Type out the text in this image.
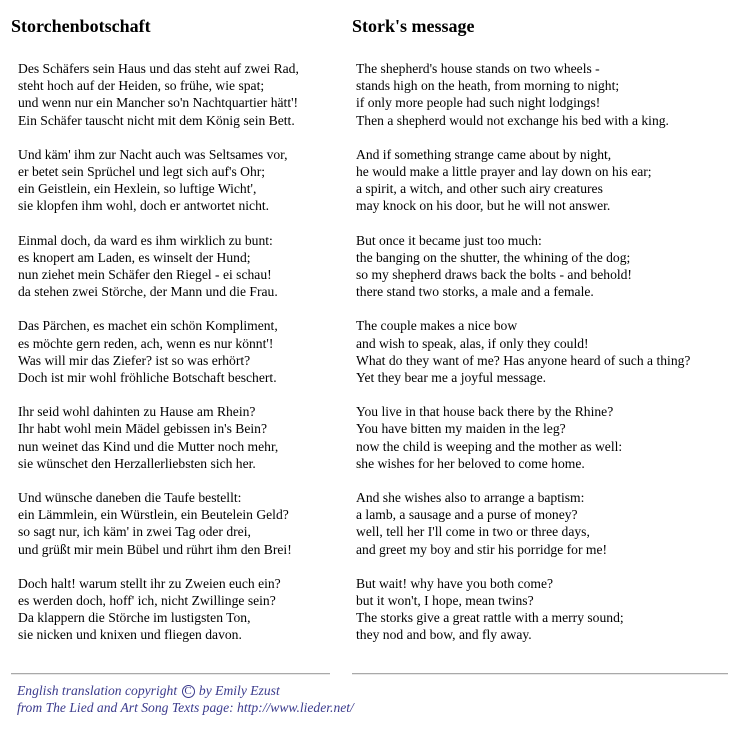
Storchenbotschaft
Des Schäfers sein Haus und das steht auf zwei Rad,
steht hoch auf der Heiden, so frühe, wie spat;
und wenn nur ein Mancher so'n Nachtquartier hätt'!
Ein Schäfer tauscht nicht mit dem König sein Bett.
Und käm' ihm zur Nacht auch was Seltsames vor,
er betet sein Sprüchel und legt sich auf's Ohr;
ein Geistlein, ein Hexlein, so luftige Wicht',
sie klopfen ihm wohl, doch er antwortet nicht.
Einmal doch, da ward es ihm wirklich zu bunt:
es knopert am Laden, es winselt der Hund;
nun ziehet mein Schäfer den Riegel - ei schau!
da stehen zwei Störche, der Mann und die Frau.
Das Pärchen, es machet ein schön Kompliment,
es möchte gern reden, ach, wenn es nur könnt'!
Was will mir das Ziefer? ist so was erhört?
Doch ist mir wohl fröhliche Botschaft beschert.
Ihr seid wohl dahinten zu Hause am Rhein?
Ihr habt wohl mein Mädel gebissen in's Bein?
nun weinet das Kind und die Mutter noch mehr,
sie wünschet den Herzallerliebsten sich her.
Und wünsche daneben die Taufe bestellt:
ein Lämmlein, ein Würstlein, ein Beutelein Geld?
so sagt nur, ich käm' in zwei Tag oder drei,
und grüßt mir mein Bübel und rührt ihm den Brei!
Doch halt! warum stellt ihr zu Zweien euch ein?
es werden doch, hoff' ich, nicht Zwillinge sein?
Da klappern die Störche im lustigsten Ton,
sie nicken und knixen und fliegen davon.
Stork's message
The shepherd's house stands on two wheels -
stands high on the heath, from morning to night;
if only more people had such night lodgings!
Then a shepherd would not exchange his bed with a king.
And if something strange came about by night,
he would make a little prayer and lay down on his ear;
a spirit, a witch, and other such airy creatures
may knock on his door, but he will not answer.
But once it became just too much:
the banging on the shutter, the whining of the dog;
so my shepherd draws back the bolts - and behold!
there stand two storks, a male and a female.
The couple makes a nice bow
and wish to speak, alas, if only they could!
What do they want of me? Has anyone heard of such a thing?
Yet they bear me a joyful message.
You live in that house back there by the Rhine?
You have bitten my maiden in the leg?
now the child is weeping and the mother as well:
she wishes for her beloved to come home.
And she wishes also to arrange a baptism:
a lamb, a sausage and a purse of money?
well, tell her I'll come in two or three days,
and greet my boy and stir his porridge for me!
But wait! why have you both come?
but it won't, I hope, mean twins?
The storks give a great rattle with a merry sound;
they nod and bow, and fly away.
English translation copyright C by Emily Ezust
from The Lied and Art Song Texts page: http://www.lieder.net/
